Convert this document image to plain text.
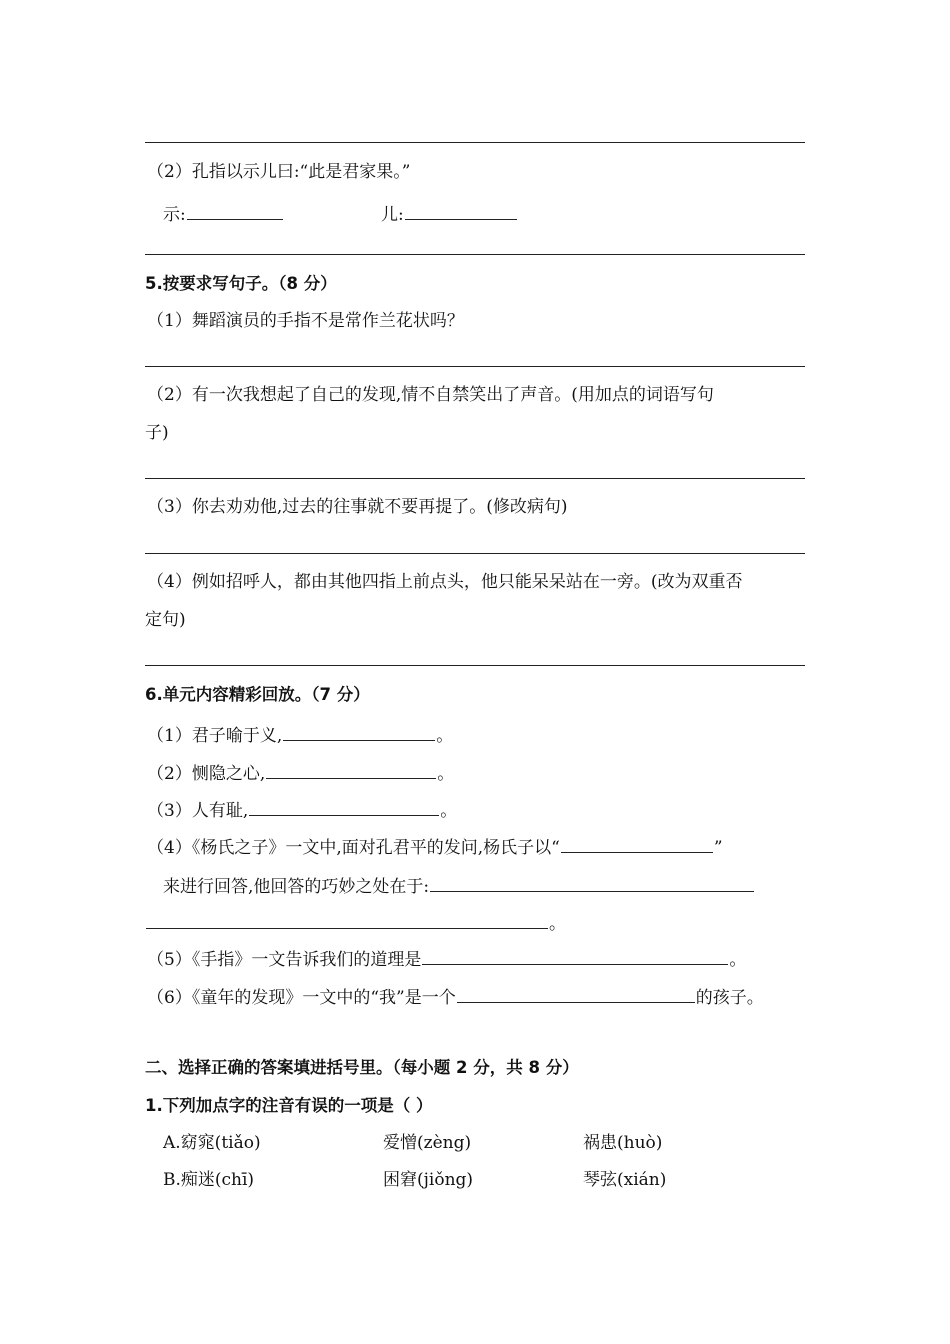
（2）孔指以示儿曰:“此是君家果。”
示:	儿:
5.按要求写句子。（8 分）
（1）舞蹈演员的手指不是常作兰花状吗？
（2）有一次我想起了自己的发现,情不自禁笑出了声音。(用加点的词语写句
子)
（3）你去劝劝他,过去的往事就不要再提了。(修改病句)
（4）例如招呼人，都由其他四指上前点头，他只能呆呆站在一旁。(改为双重否
定句)
6.单元内容精彩回放。（7 分）
（1）君子喻于义,	。
（2）恻隐之心,	。
（3）人有耻,	。
（4）《杨氏之子》一文中,面对孔君平的发问,杨氏子以“	”
来进行回答,他回答的巧妙之处在于:
。
（5）《手指》一文告诉我们的道理是	。
（6）《童年的发现》一文中的“我”是一个	的孩子。
二、选择正确的答案填进括号里。（每小题 2 分，共 8 分）
1.下列加点字的注音有误的一项是（ ）
A.窈窕(tiǎo)	爱憎(zèng)	祸患(huò)
B.痴迷(chī)	困窘(jiǒng)	琴弦(xián)
